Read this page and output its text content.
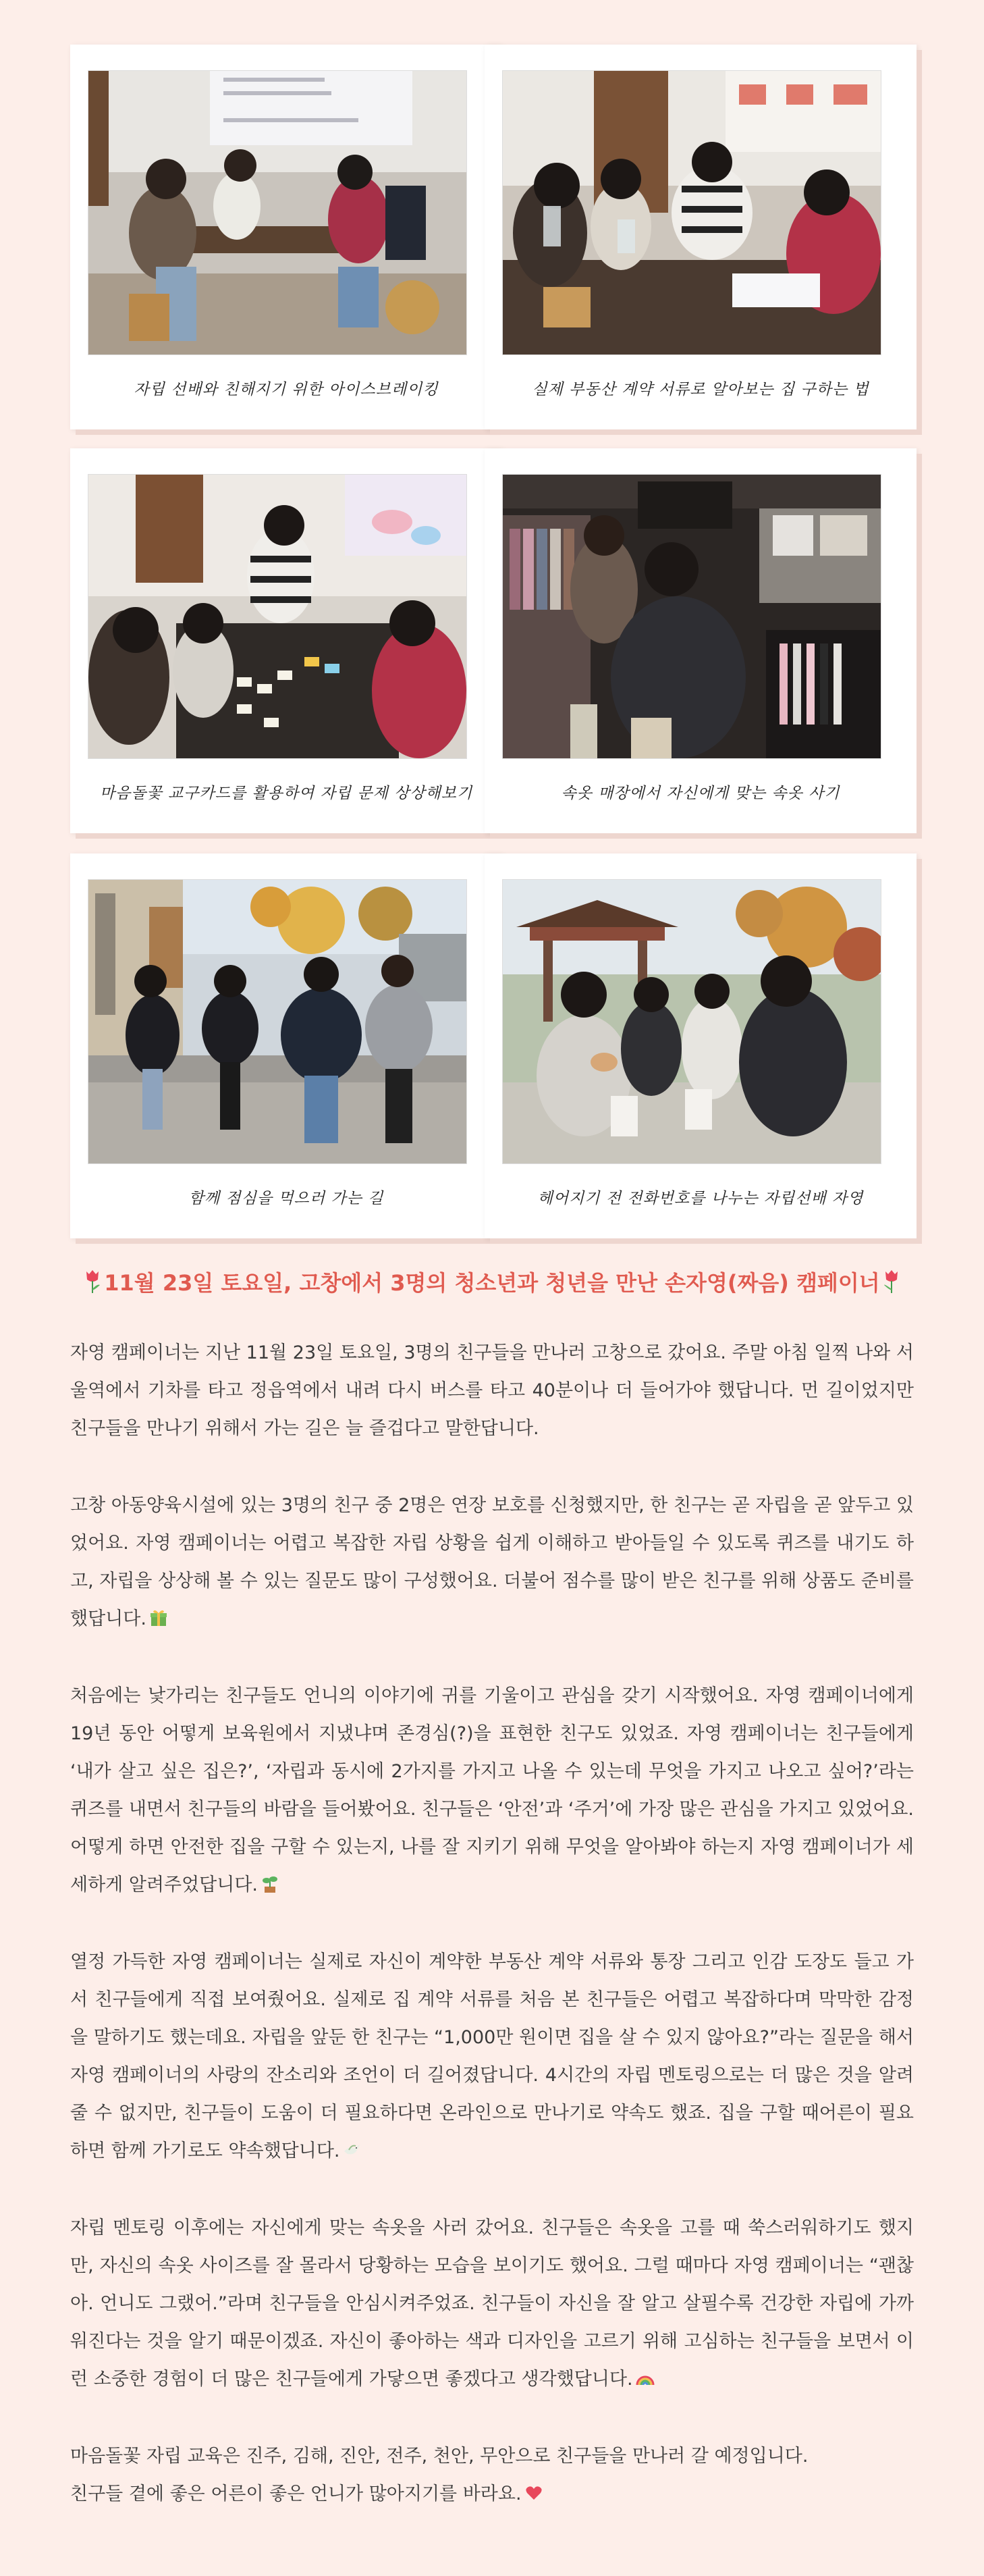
자립 선배와 친해지기 위한 아이스브레이킹	실제 부동산 계약 서류로 알아보는 집 구하는 법
마음돌꽃 교구카드를 활용하여 자립 문제 상상해보기	속옷 매장에서 자신에게 맞는 속옷 사기
함께 점심을 먹으러 가는 길	헤어지기 전 전화번호를 나누는 자립선배 자영
11월 23일 토요일, 고창에서 3명의 청소년과 청년을 만난 손자영(짜음) 캠페이너

자영 캠페이너는 지난 11월 23일 토요일, 3명의 친구들을 만나러 고창으로 갔어요. 주말 아침 일찍 나와 서울역에서 기차를 타고 정읍역에서 내려 다시 버스를 타고 40분이나 더 들어가야 했답니다. 먼 길이었지만 친구들을 만나기 위해서 가는 길은 늘 즐겁다고 말한답니다.

고창 아동양육시설에 있는 3명의 친구 중 2명은 연장 보호를 신청했지만, 한 친구는 곧 자립을 곧 앞두고 있었어요. 자영 캠페이너는 어렵고 복잡한 자립 상황을 쉽게 이해하고 받아들일 수 있도록 퀴즈를 내기도 하고, 자립을 상상해 볼 수 있는 질문도 많이 구성했어요. 더불어 점수를 많이 받은 친구를 위해 상품도 준비를 했답니다.

처음에는 낯가리는 친구들도 언니의 이야기에 귀를 기울이고 관심을 갖기 시작했어요. 자영 캠페이너에게 19년 동안 어떻게 보육원에서 지냈냐며 존경심(?)을 표현한 친구도 있었죠. 자영 캠페이너는 친구들에게 ‘내가 살고 싶은 집은?’, ‘자립과 동시에 2가지를 가지고 나올 수 있는데 무엇을 가지고 나오고 싶어?’라는 퀴즈를 내면서 친구들의 바람을 들어봤어요. 친구들은 ‘안전’과 ‘주거’에 가장 많은 관심을 가지고 있었어요. 어떻게 하면 안전한 집을 구할 수 있는지, 나를 잘 지키기 위해 무엇을 알아봐야 하는지 자영 캠페이너가 세세하게 알려주었답니다.

열정 가득한 자영 캠페이너는 실제로 자신이 계약한 부동산 계약 서류와 통장 그리고 인감 도장도 들고 가서 친구들에게 직접 보여줬어요. 실제로 집 계약 서류를 처음 본 친구들은 어렵고 복잡하다며 막막한 감정을 말하기도 했는데요. 자립을 앞둔 한 친구는 “1,000만 원이면 집을 살 수 있지 않아요?”라는 질문을 해서 자영 캠페이너의 사랑의 잔소리와 조언이 더 길어졌답니다. 4시간의 자립 멘토링으로는 더 많은 것을 알려줄 수 없지만, 친구들이 도움이 더 필요하다면 온라인으로 만나기로 약속도 했죠. 집을 구할 때어른이 필요하면 함께 가기로도 약속했답니다.

자립 멘토링 이후에는 자신에게 맞는 속옷을 사러 갔어요. 친구들은 속옷을 고를 때 쑥스러워하기도 했지만, 자신의 속옷 사이즈를 잘 몰라서 당황하는 모습을 보이기도 했어요. 그럴 때마다 자영 캠페이너는 “괜찮아. 언니도 그랬어.”라며 친구들을 안심시켜주었죠. 친구들이 자신을 잘 알고 살필수록 건강한 자립에 가까워진다는 것을 알기 때문이겠죠. 자신이 좋아하는 색과 디자인을 고르기 위해 고심하는 친구들을 보면서 이런 소중한 경험이 더 많은 친구들에게 가닿으면 좋겠다고 생각했답니다.

마음돌꽃 자립 교육은 진주, 김해, 진안, 전주, 천안, 무안으로 친구들을 만나러 갈 예정입니다.
친구들 곁에 좋은 어른이 좋은 언니가 많아지기를 바라요.
